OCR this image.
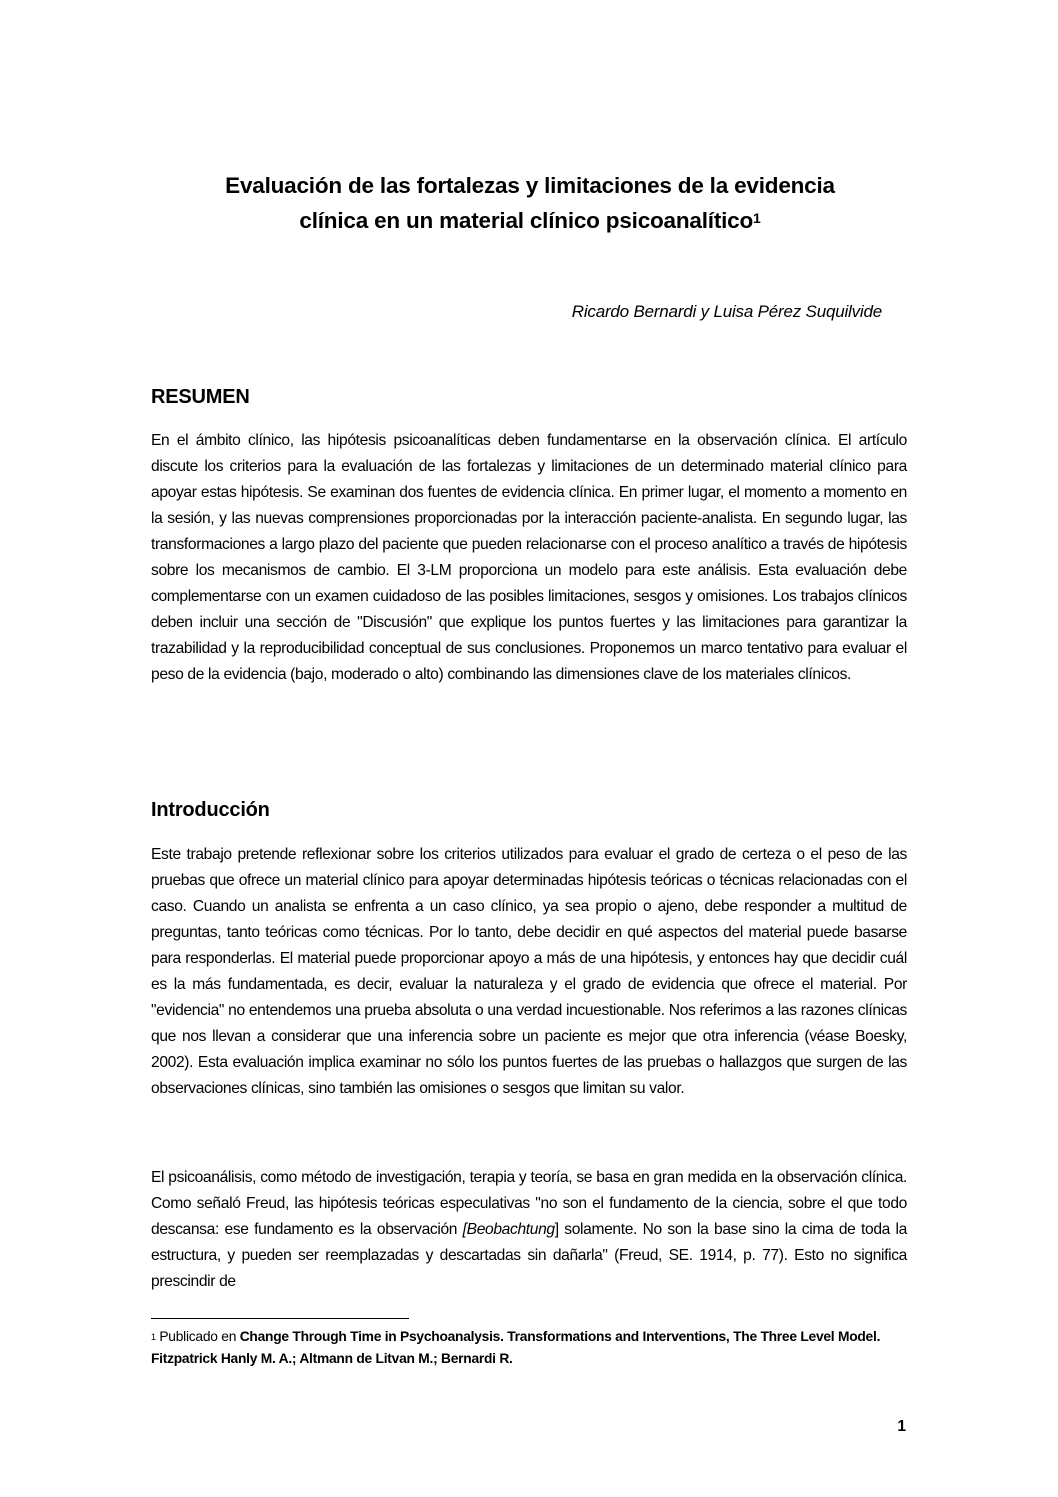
Evaluación de las fortalezas y limitaciones de la evidencia
clínica en un material clínico psicoanalítico$^1$
Ricardo Bernardi y Luisa Pérez Suquilvide
RESUMEN

En el ámbito clínico, las hipótesis psicoanalíticas deben fundamentarse en la observación clínica. El artículo discute los criterios para la evaluación de las fortalezas y limitaciones de un determinado material clínico para apoyar estas hipótesis. Se examinan dos fuentes de evidencia clínica. En primer lugar, el momento a momento en la sesión, y las nuevas comprensiones proporcionadas por la interacción paciente-analista. En segundo lugar, las transformaciones a largo plazo del paciente que pueden relacionarse con el proceso analítico a través de hipótesis sobre los mecanismos de cambio. El 3-LM proporciona un modelo para este análisis. Esta evaluación debe complementarse con un examen cuidadoso de las posibles limitaciones, sesgos y omisiones. Los trabajos clínicos deben incluir una sección de "Discusión" que explique los puntos fuertes y las limitaciones para garantizar la trazabilidad y la reproducibilidad conceptual de sus conclusiones. Proponemos un marco tentativo para evaluar el peso de la evidencia (bajo, moderado o alto) combinando las dimensiones clave de los materiales clínicos.

Introducción

Este trabajo pretende reflexionar sobre los criterios utilizados para evaluar el grado de certeza o el peso de las pruebas que ofrece un material clínico para apoyar determinadas hipótesis teóricas o técnicas relacionadas con el caso. Cuando un analista se enfrenta a un caso clínico, ya sea propio o ajeno, debe responder a multitud de preguntas, tanto teóricas como técnicas. Por lo tanto, debe decidir en qué aspectos del material puede basarse para responderlas. El material puede proporcionar apoyo a más de una hipótesis, y entonces hay que decidir cuál es la más fundamentada, es decir, evaluar la naturaleza y el grado de evidencia que ofrece el material. Por "evidencia" no entendemos una prueba absoluta o una verdad incuestionable. Nos referimos a las razones clínicas que nos llevan a considerar que una inferencia sobre un paciente es mejor que otra inferencia (véase Boesky, 2002). Esta evaluación implica examinar no sólo los puntos fuertes de las pruebas o hallazgos que surgen de las observaciones clínicas, sino también las omisiones o sesgos que limitan su valor.

El psicoanálisis, como método de investigación, terapia y teoría, se basa en gran medida en la observación clínica. Como señaló Freud, las hipótesis teóricas especulativas "no son el fundamento de la ciencia, sobre el que todo descansa: ese fundamento es la observación [Beobachtung] solamente. No son la base sino la cima de toda la estructura, y pueden ser reemplazadas y descartadas sin dañarla" (Freud, SE. 1914, p. 77). Esto no significa prescindir de

$^1$ Publicado en Change Through Time in Psychoanalysis. Transformations and Interventions, The Three Level Model. Fitzpatrick Hanly M. A.; Altmann de Litvan M.; Bernardi R.

1
